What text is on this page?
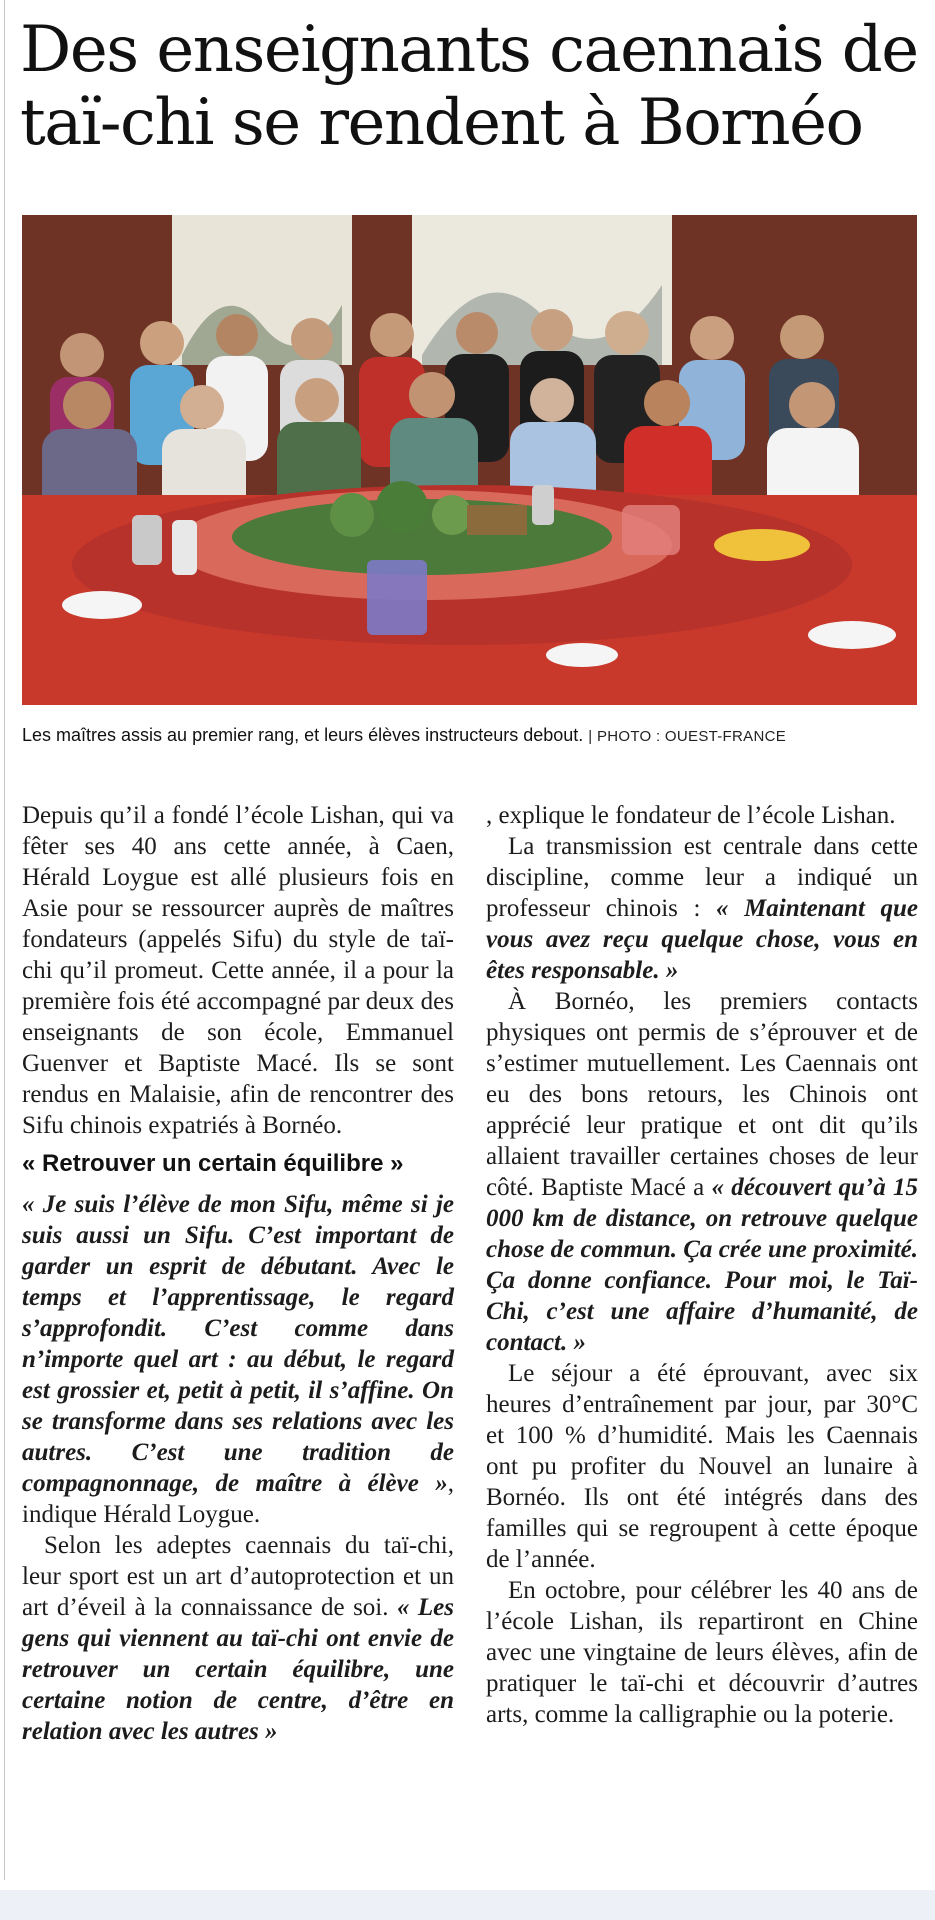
Des enseignants caennais de taï-chi se rendent à Bornéo
Les maîtres assis au premier rang, et leurs élèves instructeurs debout. | PHOTO : OUEST-FRANCE

Depuis qu’il a fondé l’école Lishan, qui va fêter ses 40 ans cette année, à Caen, Hérald Loygue est allé plusieurs fois en Asie pour se ressourcer auprès de maîtres fondateurs (appelés Sifu) du style de taï-chi qu’il promeut. Cette année, il a pour la première fois été accompagné par deux des enseignants de son école, Emmanuel Guenver et Baptiste Macé. Ils se sont rendus en Malaisie, afin de rencontrer des Sifu chinois expatriés à Bornéo.

« Retrouver un certain équilibre »

« Je suis l’élève de mon Sifu, même si je suis aussi un Sifu. C’est important de garder un esprit de débutant. Avec le temps et l’apprentissage, le regard s’approfondit. C’est comme dans n’importe quel art : au début, le regard est grossier et, petit à petit, il s’affine. On se transforme dans ses relations avec les autres. C’est une tradition de compagnonnage, de maître à élève », indique Hérald Loygue.

Selon les adeptes caennais du taï-chi, leur sport est un art d’autoprotection et un art d’éveil à la connaissance de soi. « Les gens qui viennent au taï-chi ont envie de retrouver un certain équilibre, une certaine notion de centre, d’être en relation avec les autres »

, explique le fondateur de l’école Lishan.

La transmission est centrale dans cette discipline, comme leur a indiqué un professeur chinois : « Maintenant que vous avez reçu quelque chose, vous en êtes responsable. »

À Bornéo, les premiers contacts physiques ont permis de s’éprouver et de s’estimer mutuellement. Les Caennais ont eu des bons retours, les Chinois ont apprécié leur pratique et ont dit qu’ils allaient travailler certaines choses de leur côté. Baptiste Macé a « découvert qu’à 15 000 km de distance, on retrouve quelque chose de commun. Ça crée une proximité. Ça donne confiance. Pour moi, le Taï-Chi, c’est une affaire d’humanité, de contact. »

Le séjour a été éprouvant, avec six heures d’entraînement par jour, par 30°C et 100 % d’humidité. Mais les Caennais ont pu profiter du Nouvel an lunaire à Bornéo. Ils ont été intégrés dans des familles qui se regroupent à cette époque de l’année.

En octobre, pour célébrer les 40 ans de l’école Lishan, ils repartiront en Chine avec une vingtaine de leurs élèves, afin de pratiquer le taï-chi et découvrir d’autres arts, comme la calligraphie ou la poterie.
